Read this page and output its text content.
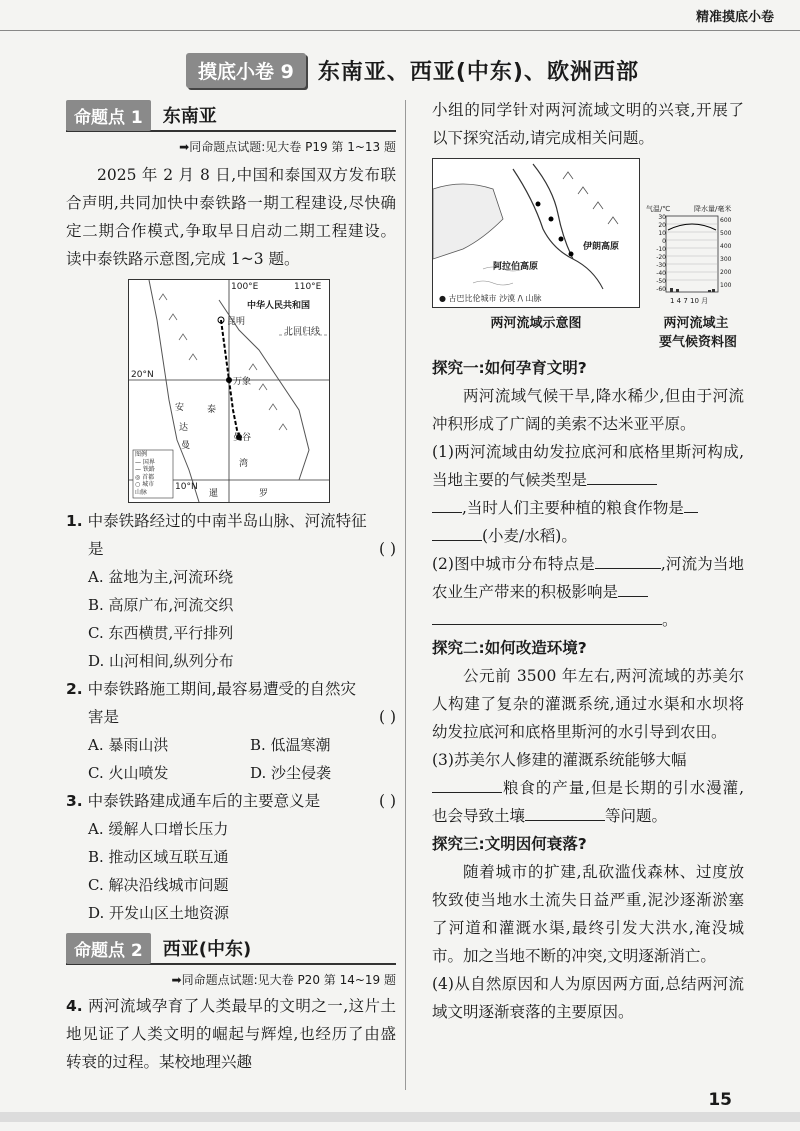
精准摸底小卷
摸底小卷 9	东南亚、西亚(中东)、欧洲西部
命题点 1	东南亚
➡同命题点试题:见大卷 P19 第 1~13 题
2025 年 2 月 8 日,中国和泰国双方发布联合声明,共同加快中泰铁路一期工程建设,尽快确定二期合作模式,争取早日启动二期工程建设。读中泰铁路示意图,完成 1~3 题。
100°E	110°E
中华人民共和国
昆明
北回归线
20°N
万象
泰
曼谷
安
达
曼
湾
暹	罗
10°N
图例
— 国界
— 铁路
◎ 首都
○ 城市
山脉
1. 中泰铁路经过的中南半岛山脉、河流特征
是	( )
A. 盆地为主,河流环绕
B. 高原广布,河流交织
C. 东西横贯,平行排列
D. 山河相间,纵列分布
2. 中泰铁路施工期间,最容易遭受的自然灾
害是	( )
A. 暴雨山洪	B. 低温寒潮
C. 火山喷发	D. 沙尘侵袭
3. 中泰铁路建成通车后的主要意义是	( )
A. 缓解人口增长压力
B. 推动区域互联互通
C. 解决沿线城市问题
D. 开发山区土地资源
命题点 2	西亚(中东)
➡同命题点试题:见大卷 P20 第 14~19 题
4. 两河流域孕育了人类最早的文明之一,这片土地见证了人类文明的崛起与辉煌,也经历了由盛转衰的过程。某校地理兴趣
小组的同学针对两河流域文明的兴衰,开展了以下探究活动,请完成相关问题。
伊朗高原
阿拉伯高原
● 古巴比伦城市 沙漠 /\ 山脉
两河流域示意图
气温/℃	降水量/毫米
30
20
10
0
-10
-20
-30
-40
-50
-60
600
500
400
300
200
100
1 4 7 10 月
两河流域主
要气候资料图
探究一:如何孕育文明?
两河流域气候干旱,降水稀少,但由于河流冲积形成了广阔的美索不达米亚平原。
(1)两河流域由幼发拉底河和底格里斯河构成,当地主要的气候类型是
,当时人们主要种植的粮食作物是
(小麦/水稻)。
(2)图中城市分布特点是	,河流为当地农业生产带来的积极影响是
。
探究二:如何改造环境?
公元前 3500 年左右,两河流域的苏美尔人构建了复杂的灌溉系统,通过水渠和水坝将幼发拉底河和底格里斯河的水引导到农田。
(3)苏美尔人修建的灌溉系统能够大幅
粮食的产量,但是长期的引水漫灌,也会导致土壤	等问题。
探究三:文明因何衰落?
随着城市的扩建,乱砍滥伐森林、过度放牧致使当地水土流失日益严重,泥沙逐渐淤塞了河道和灌溉水渠,最终引发大洪水,淹没城市。加之当地不断的冲突,文明逐渐消亡。
(4)从自然原因和人为原因两方面,总结两河流域文明逐渐衰落的主要原因。
15
